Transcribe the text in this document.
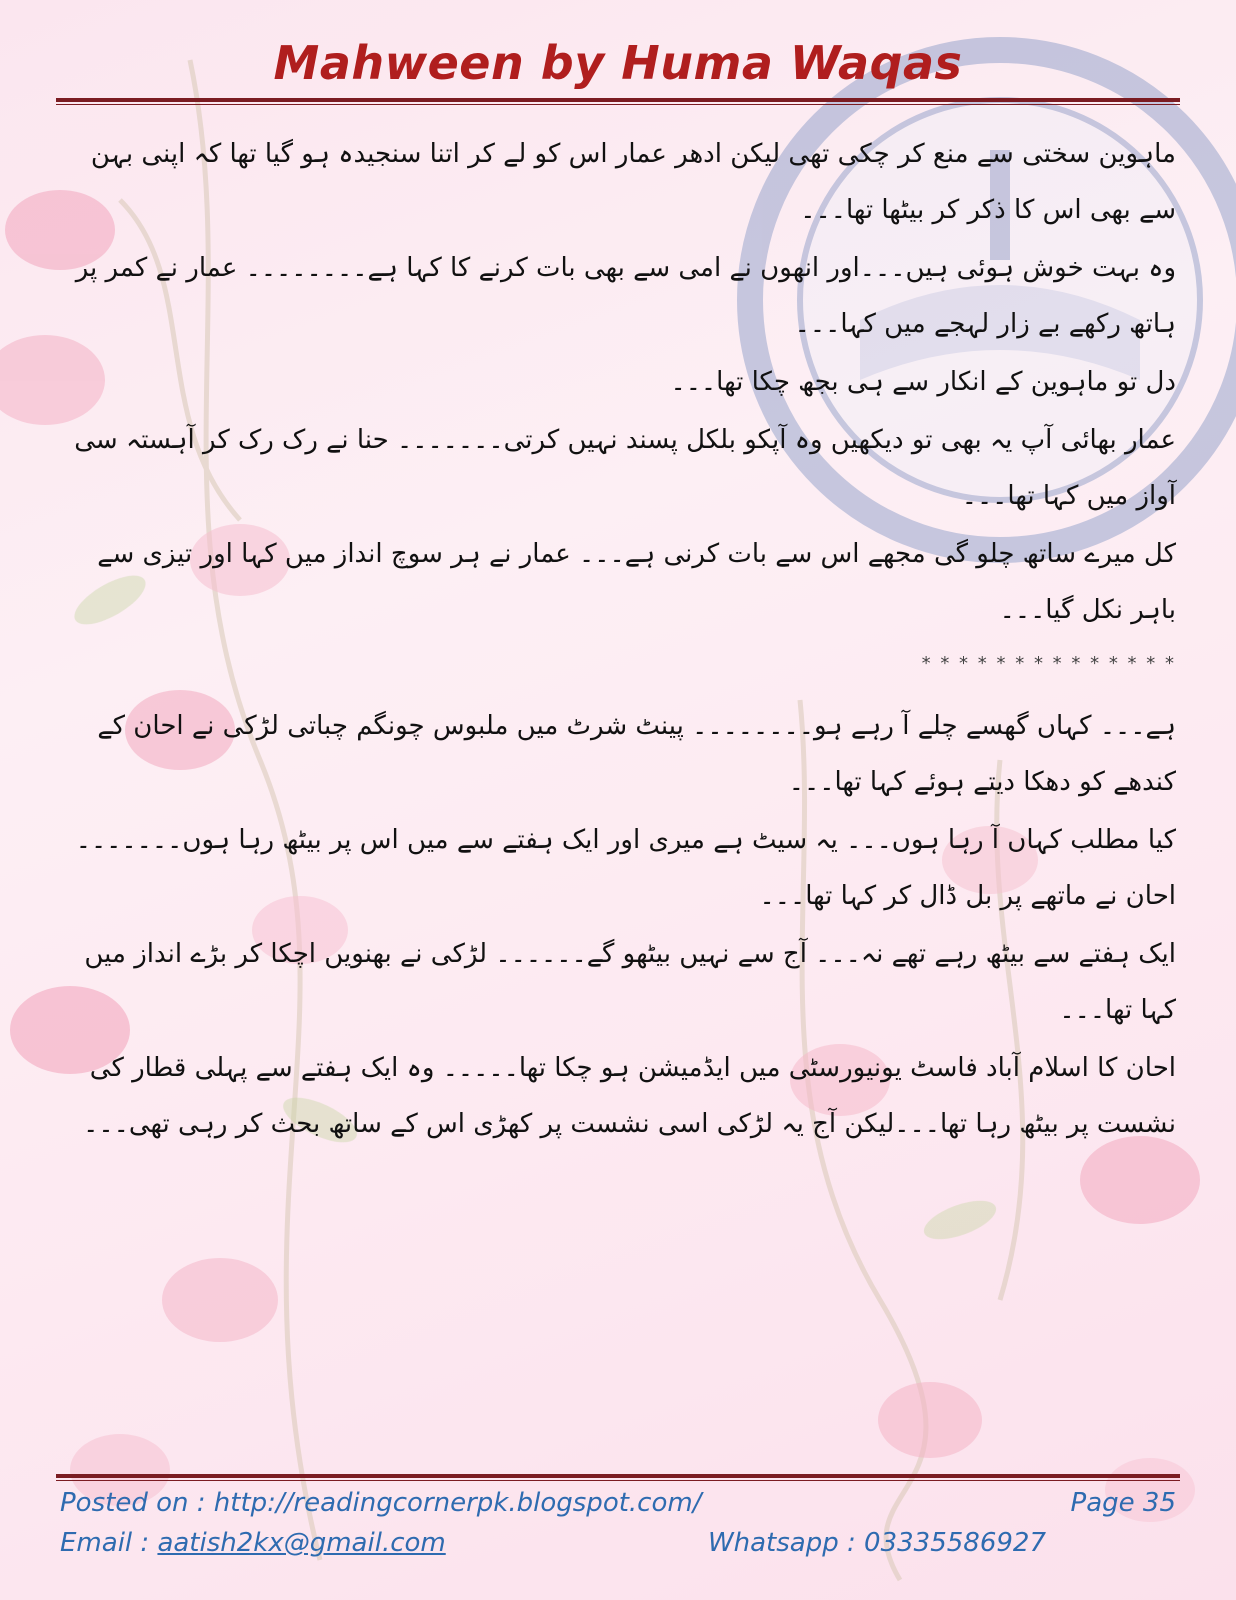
Mahween by Huma Waqas

ماہوین سختی سے منع کر چکی تھی لیکن ادھر عمار اس کو لے کر اتنا سنجیدہ ہو گیا تھا کہ اپنی بہن سے بھی اس کا ذکر کر بیٹھا تھا۔۔۔

وہ بہت خوش ہوئی ہیں۔۔۔اور انھوں نے امی سے بھی بات کرنے کا کہا ہے۔۔۔۔۔۔۔۔ عمار نے کمر پر ہاتھ رکھے بے زار لہجے میں کہا۔۔۔

دل تو ماہوین کے انکار سے ہی بجھ چکا تھا۔۔۔

عمار بھائی آپ یہ بھی تو دیکھیں وہ آپکو بلکل پسند نہیں کرتی۔۔۔۔۔۔۔ حنا نے رک رک کر آہستہ سی آواز میں کہا تھا۔۔۔

کل میرے ساتھ چلو گی مجھے اس سے بات کرنی ہے۔۔۔ عمار نے ہر سوچ انداز میں کہا اور تیزی سے باہر نکل گیا۔۔۔

* * * * * * * * * * * * * *

ہے۔۔۔ کہاں گھسے چلے آ رہے ہو۔۔۔۔۔۔۔۔ پینٹ شرٹ میں ملبوس چونگم چباتی لڑکی نے احان کے کندھے کو دھکا دیتے ہوئے کہا تھا۔۔۔

کیا مطلب کہاں آ رہا ہوں۔۔۔ یہ سیٹ ہے میری اور ایک ہفتے سے میں اس پر بیٹھ رہا ہوں۔۔۔۔۔۔۔ احان نے ماتھے پر بل ڈال کر کہا تھا۔۔۔

ایک ہفتے سے بیٹھ رہے تھے نہ۔۔۔ آج سے نہیں بیٹھو گے۔۔۔۔۔۔ لڑکی نے بھنویں اچکا کر بڑے انداز میں کہا تھا۔۔۔

احان کا اسلام آباد فاسٹ یونیورسٹی میں ایڈمیشن ہو چکا تھا۔۔۔۔۔ وہ ایک ہفتے سے پہلی قطار کی نشست پر بیٹھ رہا تھا۔۔۔لیکن آج یہ لڑکی اسی نشست پر کھڑی اس کے ساتھ بحث کر رہی تھی۔۔۔

Posted on : http://readingcornerpk.blogspot.com/	Page 35
Email : aatish2kx@gmail.com	Whatsapp : 03335586927
